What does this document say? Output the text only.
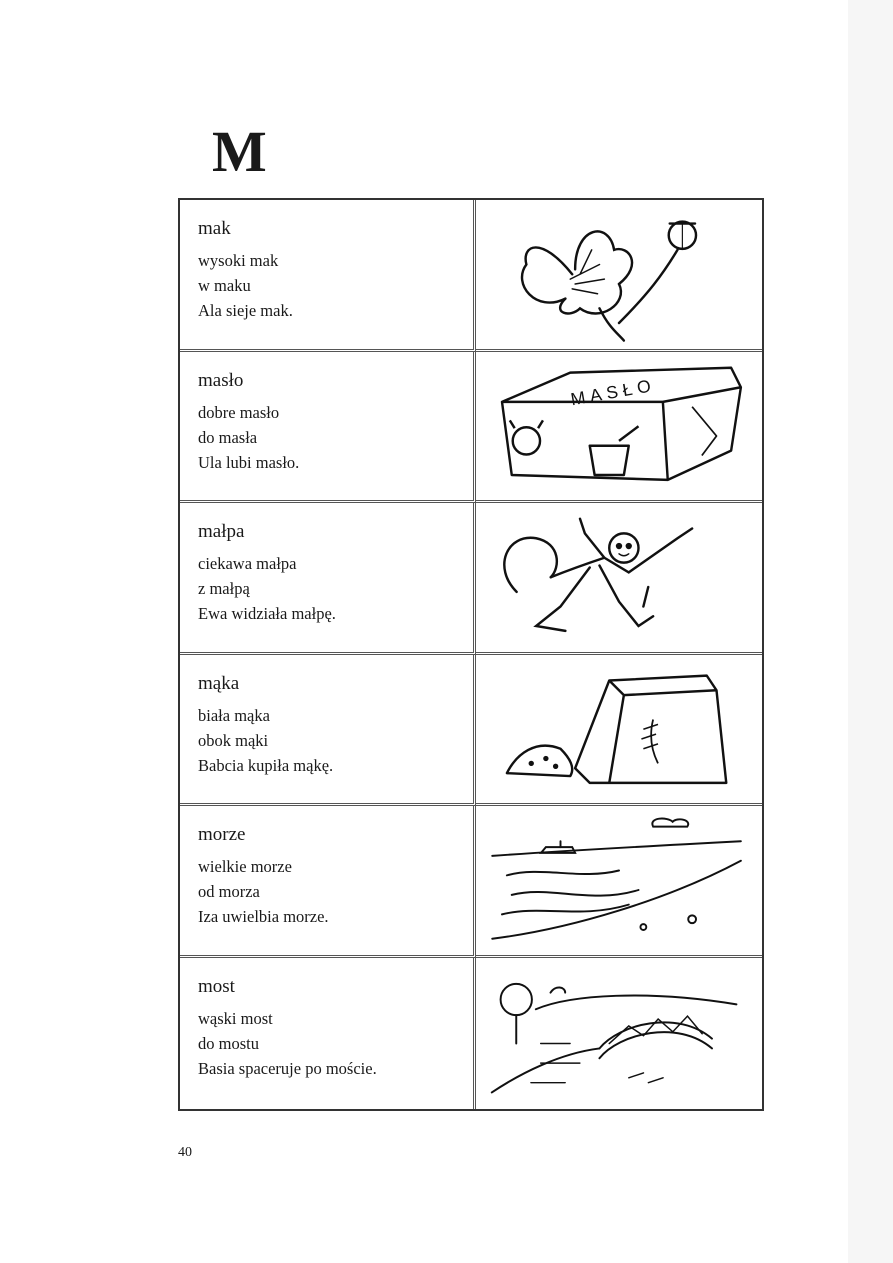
M
mak
wysoki mak
w maku
Ala sieje mak.
masło
dobre masło
do masła
Ula lubi masło.
MASŁO
małpa
ciekawa małpa
z małpą
Ewa widziała małpę.
mąka
biała mąka
obok mąki
Babcia kupiła mąkę.
morze
wielkie morze
od morza
Iza uwielbia morze.
most
wąski most
do mostu
Basia spaceruje po moście.
40
